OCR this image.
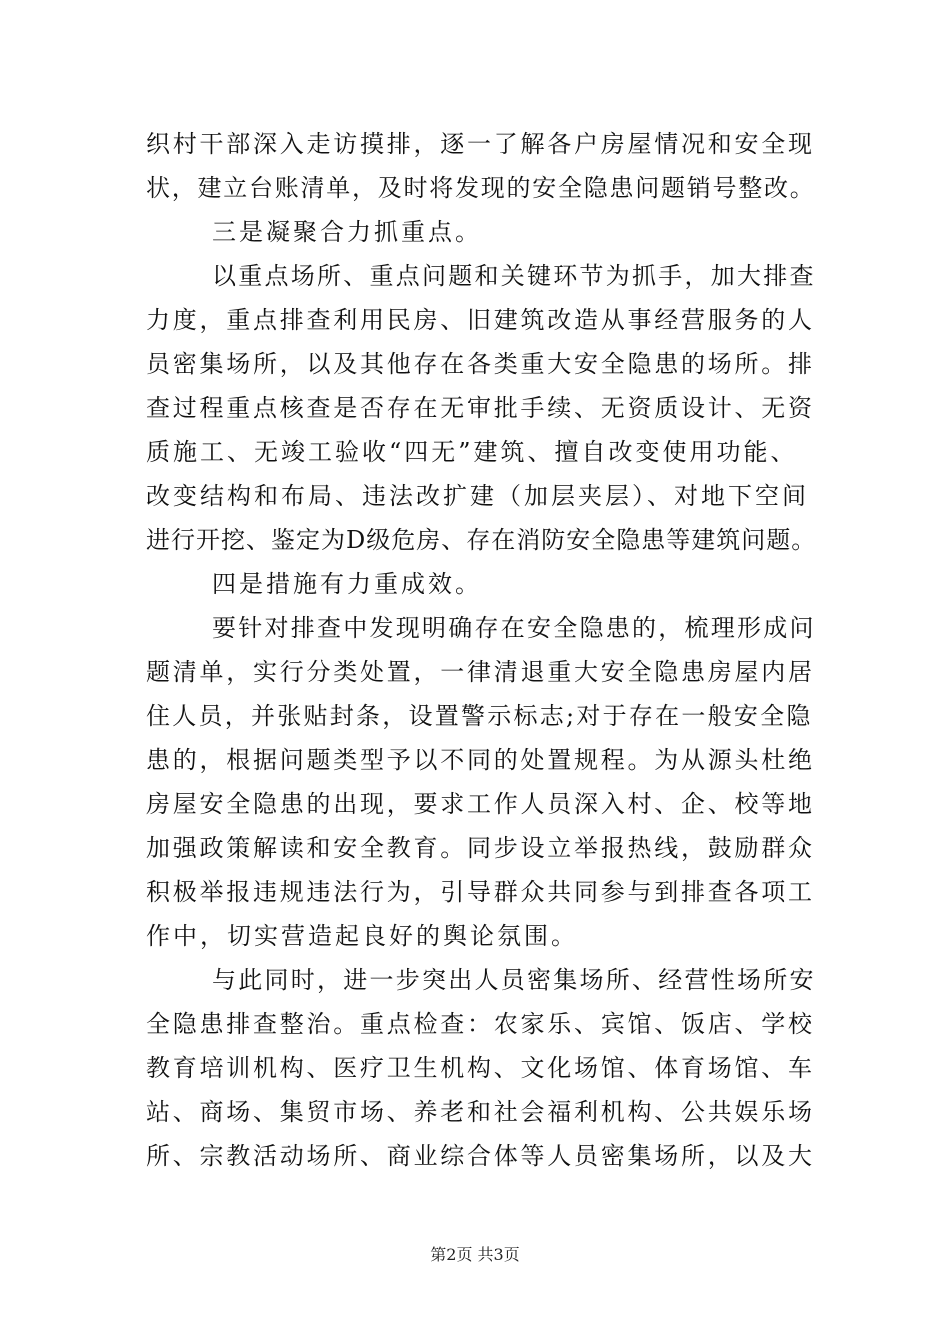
织村干部深入走访摸排，逐一了解各户房屋情况和安全现
状，建立台账清单，及时将发现的安全隐患问题销号整改。
三是凝聚合力抓重点。
以重点场所、重点问题和关键环节为抓手，加大排查
力度，重点排查利用民房、旧建筑改造从事经营服务的人
员密集场所，以及其他存在各类重大安全隐患的场所。排
查过程重点核查是否存在无审批手续、无资质设计、无资
质施工、无竣工验收“四无”建筑、擅自改变使用功能、
改变结构和布局、违法改扩建（加层夹层）、对地下空间
进行开挖、鉴定为D级危房、存在消防安全隐患等建筑问题。
四是措施有力重成效。
要针对排查中发现明确存在安全隐患的，梳理形成问
题清单，实行分类处置，一律清退重大安全隐患房屋内居
住人员，并张贴封条，设置警示标志;对于存在一般安全隐
患的，根据问题类型予以不同的处置规程。为从源头杜绝
房屋安全隐患的出现，要求工作人员深入村、企、校等地
加强政策解读和安全教育。同步设立举报热线，鼓励群众
积极举报违规违法行为，引导群众共同参与到排查各项工
作中，切实营造起良好的舆论氛围。
与此同时，进一步突出人员密集场所、经营性场所安
全隐患排查整治。重点检查：农家乐、宾馆、饭店、学校
教育培训机构、医疗卫生机构、文化场馆、体育场馆、车
站、商场、集贸市场、养老和社会福利机构、公共娱乐场
所、宗教活动场所、商业综合体等人员密集场所，以及大
第2页 共3页
